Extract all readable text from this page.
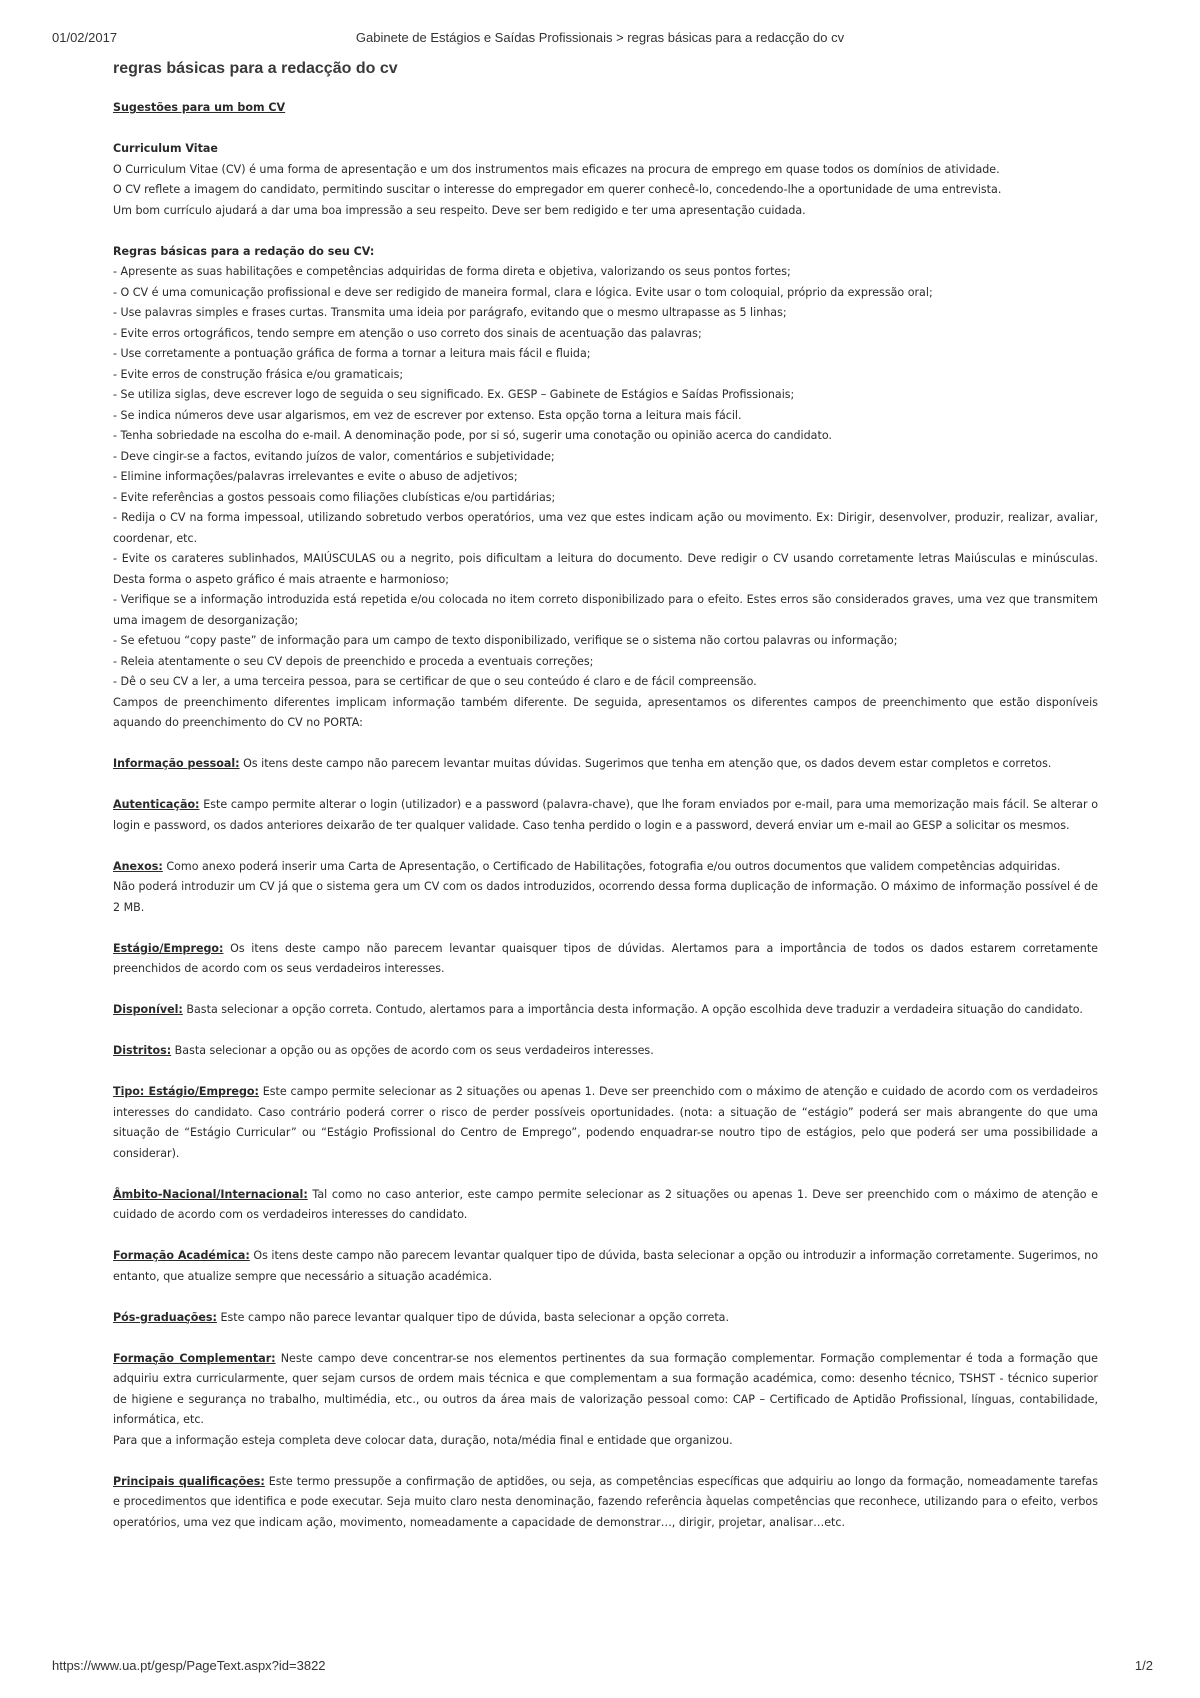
01/02/2017	Gabinete de Estágios e Saídas Profissionais > regras básicas para a redacção do cv
regras básicas para a redacção do cv

Sugestões para um bom CV

Curriculum Vitae
O Curriculum Vitae (CV) é uma forma de apresentação e um dos instrumentos mais eficazes na procura de emprego em quase todos os domínios de atividade.
O CV reflete a imagem do candidato, permitindo suscitar o interesse do empregador em querer conhecê-lo, concedendo-lhe a oportunidade de uma entrevista.
Um bom currículo ajudará a dar uma boa impressão a seu respeito. Deve ser bem redigido e ter uma apresentação cuidada.

Regras básicas para a redação do seu CV:
- Apresente as suas habilitações e competências adquiridas de forma direta e objetiva, valorizando os seus pontos fortes;
- O CV é uma comunicação profissional e deve ser redigido de maneira formal, clara e lógica. Evite usar o tom coloquial, próprio da expressão oral;
- Use palavras simples e frases curtas. Transmita uma ideia por parágrafo, evitando que o mesmo ultrapasse as 5 linhas;
- Evite erros ortográficos, tendo sempre em atenção o uso correto dos sinais de acentuação das palavras;
- Use corretamente a pontuação gráfica de forma a tornar a leitura mais fácil e fluida;
- Evite erros de construção frásica e/ou gramaticais;
- Se utiliza siglas, deve escrever logo de seguida o seu significado. Ex. GESP – Gabinete de Estágios e Saídas Profissionais;
- Se indica números deve usar algarismos, em vez de escrever por extenso. Esta opção torna a leitura mais fácil.
- Tenha sobriedade na escolha do e-mail. A denominação pode, por si só, sugerir uma conotação ou opinião acerca do candidato.
- Deve cingir-se a factos, evitando juízos de valor, comentários e subjetividade;
- Elimine informações/palavras irrelevantes e evite o abuso de adjetivos;
- Evite referências a gostos pessoais como filiações clubísticas e/ou partidárias;
- Redija o CV na forma impessoal, utilizando sobretudo verbos operatórios, uma vez que estes indicam ação ou movimento. Ex: Dirigir, desenvolver, produzir, realizar, avaliar, coordenar, etc.
- Evite os carateres sublinhados, MAIÚSCULAS ou a negrito, pois dificultam a leitura do documento. Deve redigir o CV usando corretamente letras Maiúsculas e minúsculas. Desta forma o aspeto gráfico é mais atraente e harmonioso;
- Verifique se a informação introduzida está repetida e/ou colocada no item correto disponibilizado para o efeito. Estes erros são considerados graves, uma vez que transmitem uma imagem de desorganização;
- Se efetuou “copy paste” de informação para um campo de texto disponibilizado, verifique se o sistema não cortou palavras ou informação;
- Releia atentamente o seu CV depois de preenchido e proceda a eventuais correções;
- Dê o seu CV a ler, a uma terceira pessoa, para se certificar de que o seu conteúdo é claro e de fácil compreensão.
Campos de preenchimento diferentes implicam informação também diferente. De seguida, apresentamos os diferentes campos de preenchimento que estão disponíveis aquando do preenchimento do CV no PORTA:

Informação pessoal: Os itens deste campo não parecem levantar muitas dúvidas. Sugerimos que tenha em atenção que, os dados devem estar completos e corretos.

Autenticação: Este campo permite alterar o login (utilizador) e a password (palavra-chave), que lhe foram enviados por e-mail, para uma memorização mais fácil. Se alterar o login e password, os dados anteriores deixarão de ter qualquer validade. Caso tenha perdido o login e a password, deverá enviar um e-mail ao GESP a solicitar os mesmos.

Anexos: Como anexo poderá inserir uma Carta de Apresentação, o Certificado de Habilitações, fotografia e/ou outros documentos que validem competências adquiridas.
Não poderá introduzir um CV já que o sistema gera um CV com os dados introduzidos, ocorrendo dessa forma duplicação de informação. O máximo de informação possível é de 2 MB.

Estágio/Emprego: Os itens deste campo não parecem levantar quaisquer tipos de dúvidas. Alertamos para a importância de todos os dados estarem corretamente preenchidos de acordo com os seus verdadeiros interesses.

Disponível: Basta selecionar a opção correta. Contudo, alertamos para a importância desta informação. A opção escolhida deve traduzir a verdadeira situação do candidato.

Distritos: Basta selecionar a opção ou as opções de acordo com os seus verdadeiros interesses.

Tipo: Estágio/Emprego: Este campo permite selecionar as 2 situações ou apenas 1. Deve ser preenchido com o máximo de atenção e cuidado de acordo com os verdadeiros interesses do candidato. Caso contrário poderá correr o risco de perder possíveis oportunidades. (nota: a situação de “estágio” poderá ser mais abrangente do que uma situação de “Estágio Curricular” ou “Estágio Profissional do Centro de Emprego”, podendo enquadrar-se noutro tipo de estágios, pelo que poderá ser uma possibilidade a considerar).

Âmbito-Nacional/Internacional: Tal como no caso anterior, este campo permite selecionar as 2 situações ou apenas 1. Deve ser preenchido com o máximo de atenção e cuidado de acordo com os verdadeiros interesses do candidato.

Formação Académica: Os itens deste campo não parecem levantar qualquer tipo de dúvida, basta selecionar a opção ou introduzir a informação corretamente. Sugerimos, no entanto, que atualize sempre que necessário a situação académica.

Pós-graduações: Este campo não parece levantar qualquer tipo de dúvida, basta selecionar a opção correta.

Formação Complementar: Neste campo deve concentrar-se nos elementos pertinentes da sua formação complementar. Formação complementar é toda a formação que adquiriu extra curricularmente, quer sejam cursos de ordem mais técnica e que complementam a sua formação académica, como: desenho técnico, TSHST - técnico superior de higiene e segurança no trabalho, multimédia, etc., ou outros da área mais de valorização pessoal como: CAP – Certificado de Aptidão Profissional, línguas, contabilidade, informática, etc.
Para que a informação esteja completa deve colocar data, duração, nota/média final e entidade que organizou.

Principais qualificações: Este termo pressupõe a confirmação de aptidões, ou seja, as competências específicas que adquiriu ao longo da formação, nomeadamente tarefas e procedimentos que identifica e pode executar. Seja muito claro nesta denominação, fazendo referência àquelas competências que reconhece, utilizando para o efeito, verbos operatórios, uma vez que indicam ação, movimento, nomeadamente a capacidade de demonstrar…, dirigir, projetar, analisar…etc.

https://www.ua.pt/gesp/PageText.aspx?id=3822	1/2
